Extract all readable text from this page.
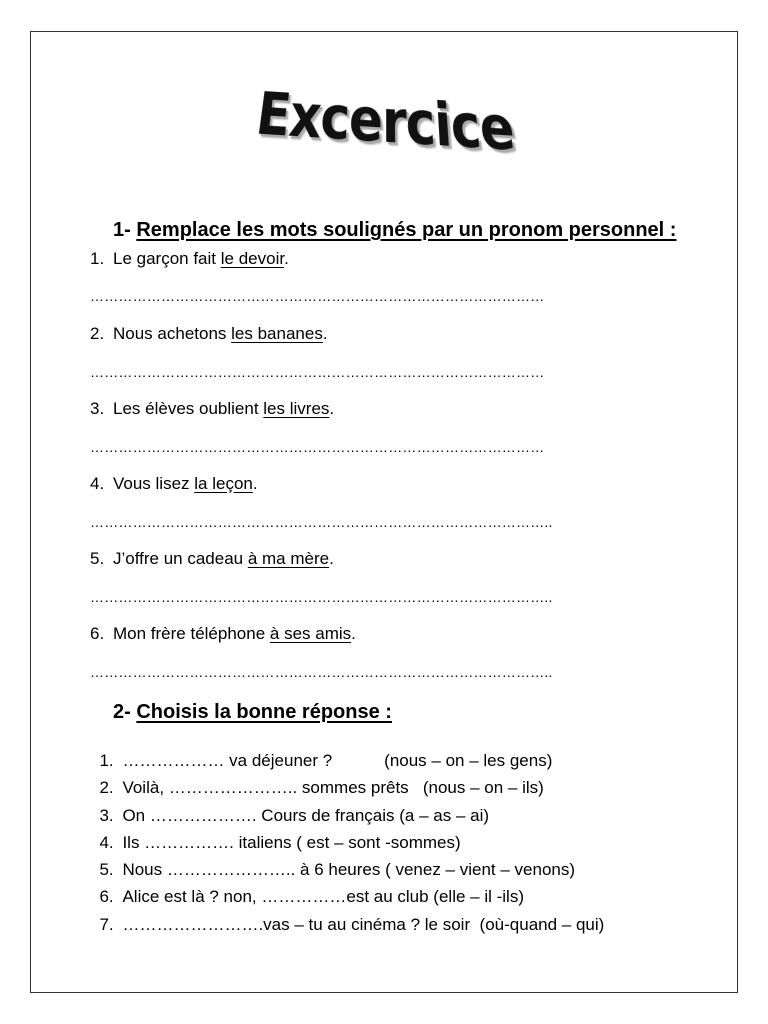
Excercice
1- Remplace les mots soulignés par un pronom personnel :
1. Le garçon fait le devoir.
……………………………………………………………………………………
2. Nous achetons les bananes.
……………………………………………………………………………………
3. Les élèves oublient les livres.
……………………………………………………………………………………
4. Vous lisez la leçon.
……………………………………………………………………………………..
5. J’offre un cadeau à ma mère.
……………………………………………………………………………………..
6. Mon frère téléphone à ses amis.
……………………………………………………………………………………..
2- Choisis la bonne réponse :

1. ……………… va déjeuner ?           (nous – on – les gens)

2. Voilà, ………………….. sommes prêts   (nous – on – ils)

3. On ………………. Cours de français (a – as – ai)

4. Ils ……………. italiens ( est – sont -sommes)

5. Nous ………………….. à 6 heures ( venez – vient – venons)

6. Alice est là ? non, ……………est au club (elle – il -ils)

7. …………………….vas – tu au cinéma ? le soir  (où-quand – qui)
